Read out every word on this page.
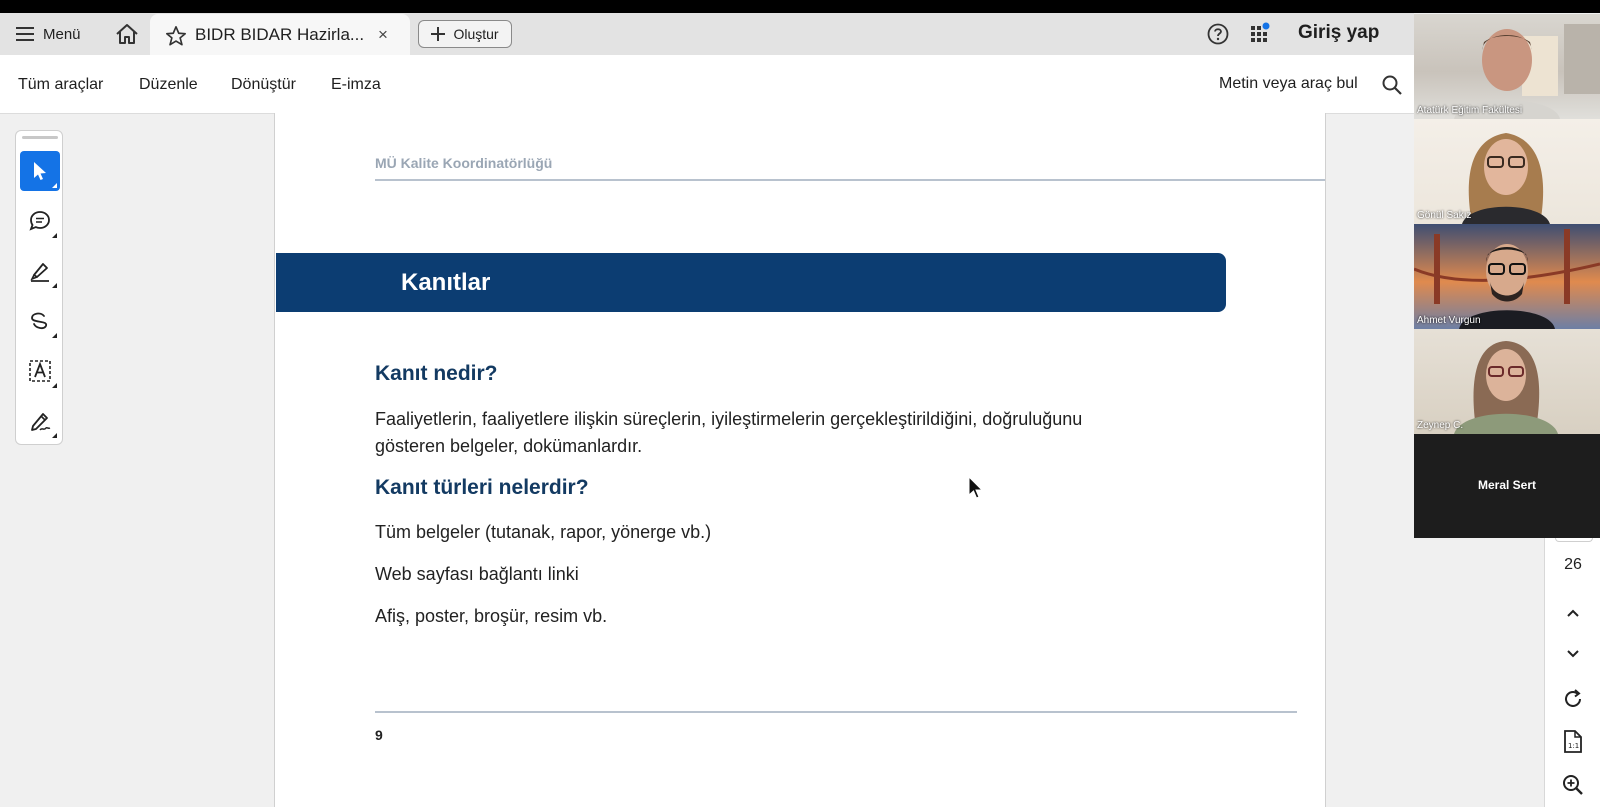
Menü	BIDR BIDAR Hazirla... ×	Oluştur	Giriş yap
Tüm araçlar Düzenle Dönüştür E-imza	Metin veya araç bul
MÜ Kalite Koordinatörlüğü
Kanıtlar
Kanıt nedir?
Faaliyetlerin, faaliyetlere ilişkin süreçlerin, iyileştirmelerin gerçekleştirildiğini, doğruluğunu
gösteren belgeler, dokümanlardır.
Kanıt türleri nelerdir?
Tüm belgeler (tutanak, rapor, yönerge vb.)
Web sayfası bağlantı linki
Afiş, poster, broşür, resim vb.
9
26
1:1
Atatürk Eğitim Fakültesi
Gönül Sakız
Ahmet Vurgun
Zeynep C.
Meral Sert
